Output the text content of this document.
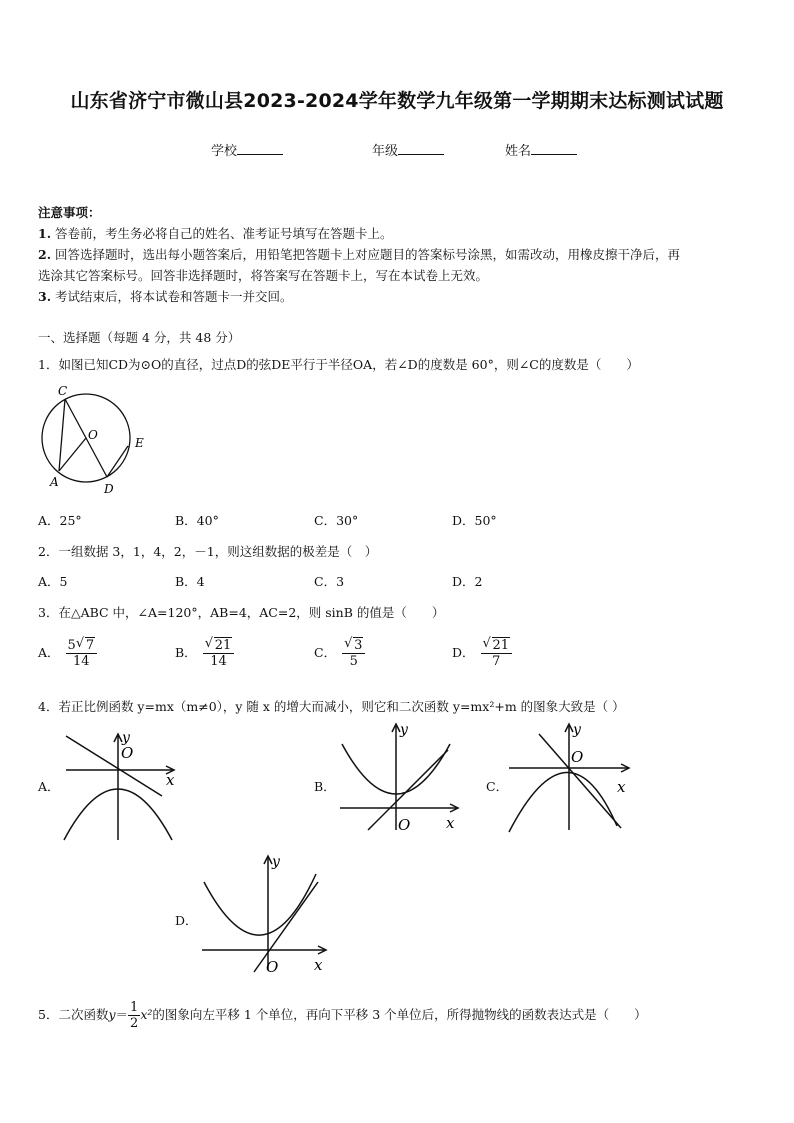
山东省济宁市微山县2023-2024学年数学九年级第一学期期末达标测试试题
学校	年级	姓名
注意事项：
1. 答卷前，考生务必将自己的姓名、准考证号填写在答题卡上。
2. 回答选择题时，选出每小题答案后，用铅笔把答题卡上对应题目的答案标号涂黑，如需改动，用橡皮擦干净后，再
选涂其它答案标号。回答非选择题时，将答案写在答题卡上，写在本试卷上无效。
3. 考试结束后，将本试卷和答题卡一并交回。
一、选择题（每题 4 分，共 48 分）
1．如图已知CD为⊙O的直径，过点D的弦DE平行于半径OA，若∠D的度数是 60°，则∠C的度数是（　　）
C
O
E
A	D
A．25°	B．40°	C．30°	D．50°
2．一组数据 3，1，4，2，－1，则这组数据的极差是（　）
A．5	B．4	C．3	D．2
3．在△ABC 中，∠A=120°，AB=4，AC=2，则 sinB 的值是（　　）
A． $\frac{5 √ 7}{14}$	B． $\frac{√ 21}{14}$	C． $\frac{√ 3}{5}$	D． $\frac{√ 21}{7}$
4．若正比例函数 y=mx（m≠0），y 随 x 的增大而减小，则它和二次函数 y=mx²+m 的图象大致是（ ）
A．
y
O
x	B．
y
O x
C．
y
O
x
D．
y
O x
5．二次函数$y= \frac{1}{2} x^2$的图象向左平移 1 个单位，再向下平移 3 个单位后，所得抛物线的函数表达式是（　　）
